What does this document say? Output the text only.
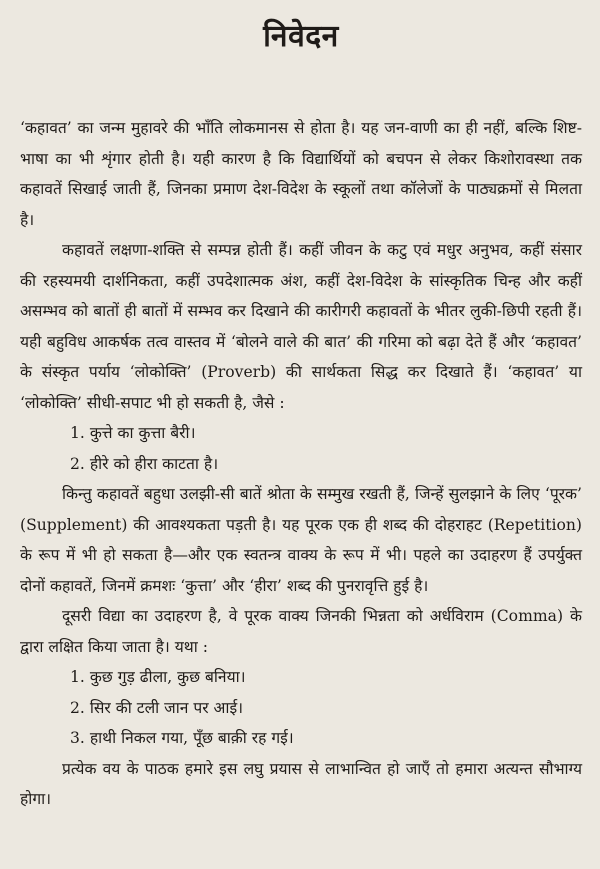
निवेदन

‘कहावत’ का जन्म मुहावरे की भाँति लोकमानस से होता है। यह जन-वाणी का ही नहीं, बल्कि शिष्ट-भाषा का भी शृंगार होती है। यही कारण है कि विद्यार्थियों को बचपन से लेकर किशोरावस्था तक कहावतें सिखाई जाती हैं, जिनका प्रमाण देश-विदेश के स्कूलों तथा कॉलेजों के पाठ्यक्रमों से मिलता है।

कहावतें लक्षणा-शक्ति से सम्पन्न होती हैं। कहीं जीवन के कटु एवं मधुर अनुभव, कहीं संसार की रहस्यमयी दार्शनिकता, कहीं उपदेशात्मक अंश, कहीं देश-विदेश के सांस्कृतिक चिन्ह और कहीं असम्भव को बातों ही बातों में सम्भव कर दिखाने की कारीगरी कहावतों के भीतर लुकी-छिपी रहती हैं। यही बहुविध आकर्षक तत्व वास्तव में ‘बोलने वाले की बात’ की गरिमा को बढ़ा देते हैं और ‘कहावत’ के संस्कृत पर्याय ‘लोकोक्ति’ (Proverb) की सार्थकता सिद्ध कर दिखाते हैं। ‘कहावत’ या ‘लोकोक्ति’ सीधी-सपाट भी हो सकती है, जैसे :

1. कुत्ते का कुत्ता बैरी।
2. हीरे को हीरा काटता है।

किन्तु कहावतें बहुधा उलझी-सी बातें श्रोता के सम्मुख रखती हैं, जिन्हें सुलझाने के लिए ‘पूरक’ (Supplement) की आवश्यकता पड़ती है। यह पूरक एक ही शब्द की दोहराहट (Repetition) के रूप में भी हो सकता है—और एक स्वतन्त्र वाक्य के रूप में भी। पहले का उदाहरण हैं उपर्युक्त दोनों कहावतें, जिनमें क्रमशः ‘कुत्ता’ और ‘हीरा’ शब्द की पुनरावृत्ति हुई है।

दूसरी विद्या का उदाहरण है, वे पूरक वाक्य जिनकी भिन्नता को अर्धविराम (Comma) के द्वारा लक्षित किया जाता है। यथा :

1. कुछ गुड़ ढीला, कुछ बनिया।
2. सिर की टली जान पर आई।
3. हाथी निकल गया, पूँछ बाक़ी रह गई।

प्रत्येक वय के पाठक हमारे इस लघु प्रयास से लाभान्वित हो जाएँ तो हमारा अत्यन्त सौभाग्य होगा।
